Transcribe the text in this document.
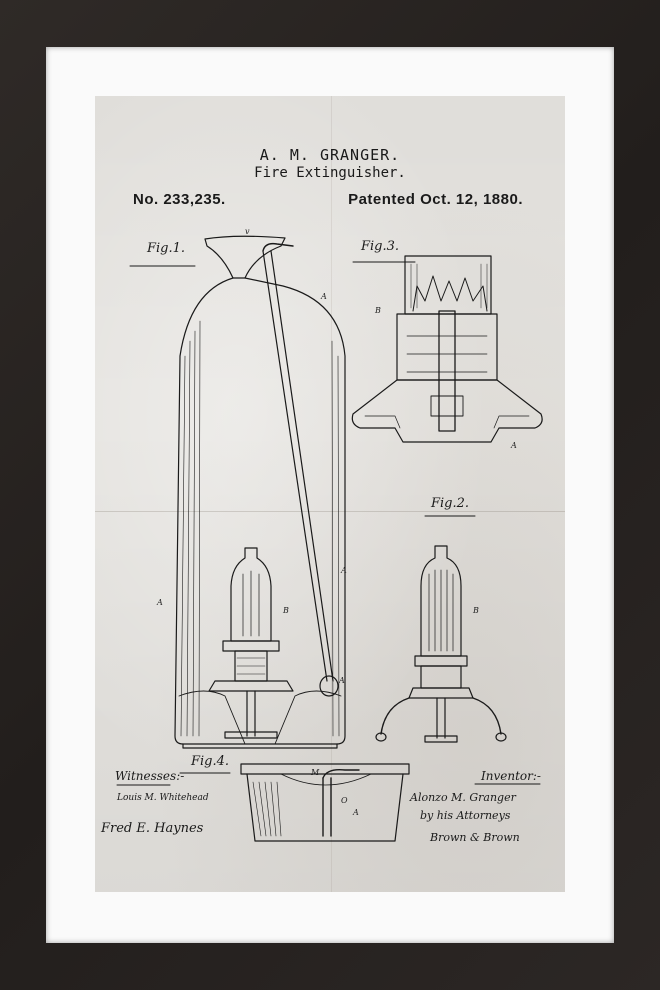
A. M. GRANGER.
Fire Extinguisher.
No. 233,235.	Patented Oct. 12, 1880.
Fig.1.	Fig.3.
Fig.2.
Fig.4.
Witnesses:-
Louis M. Whitehead
Fred E. Haynes
Inventor:-
Alonzo M. Granger
by his Attorneys
Brown & Brown
v
A
A
B
A
A
B
A
B
A
O
M
